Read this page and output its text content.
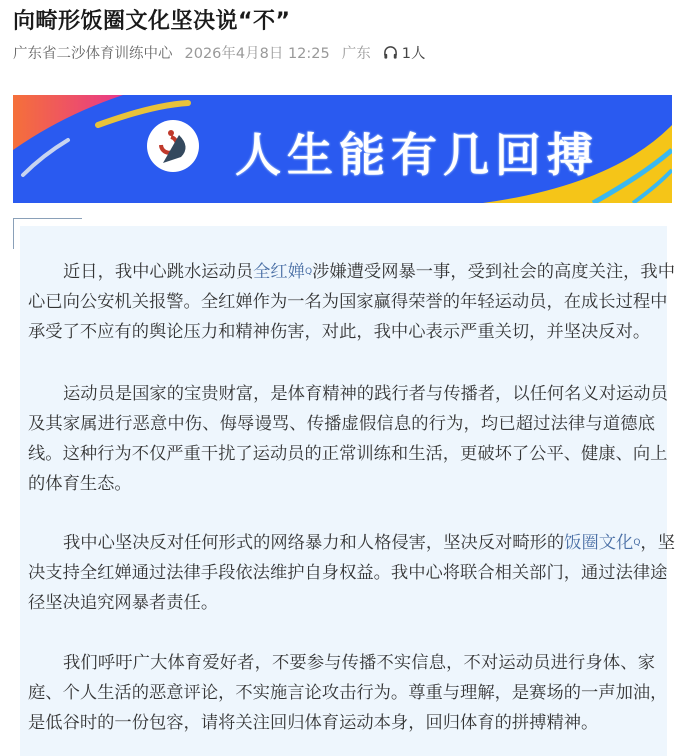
向畸形饭圈文化坚决说“不”
广东省二沙体育训练中心 2026年4月8日 12:25 广东 1人
人生能有几回搏
近日，我中心跳水运动员全红婵$^Q$涉嫌遭受网暴一事，受到社会的高度关注，我中
心已向公安机关报警。全红婵作为一名为国家赢得荣誉的年轻运动员，在成长过程中
承受了不应有的舆论压力和精神伤害，对此，我中心表示严重关切，并坚决反对。
运动员是国家的宝贵财富，是体育精神的践行者与传播者，以任何名义对运动员
及其家属进行恶意中伤、侮辱谩骂、传播虚假信息的行为，均已超过法律与道德底
线。这种行为不仅严重干扰了运动员的正常训练和生活，更破坏了公平、健康、向上
的体育生态。
我中心坚决反对任何形式的网络暴力和人格侵害，坚决反对畸形的饭圈文化$^Q$，坚
决支持全红婵通过法律手段依法维护自身权益。我中心将联合相关部门，通过法律途
径坚决追究网暴者责任。
我们呼吁广大体育爱好者，不要参与传播不实信息，不对运动员进行身体、家
庭、个人生活的恶意评论，不实施言论攻击行为。尊重与理解，是赛场的一声加油，
是低谷时的一份包容，请将关注回归体育运动本身，回归体育的拼搏精神。
